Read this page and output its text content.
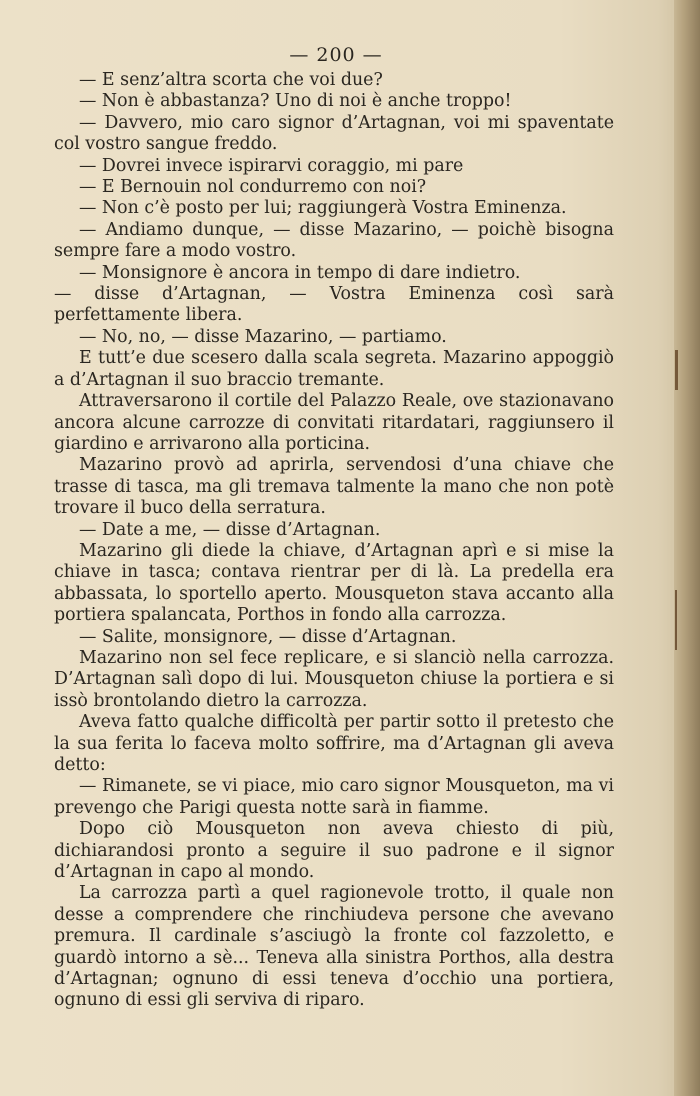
— 200 —

— E senz’altra scorta che voi due?

— Non è abbastanza? Uno di noi è anche troppo!

— Davvero, mio caro signor d’Artagnan, voi mi spaventate col vostro sangue freddo.

— Dovrei invece ispirarvi coraggio, mi pare

— E Bernouin nol condurremo con noi?

— Non c’è posto per lui; raggiungerà Vostra Eminenza.

— Andiamo dunque, — disse Mazarino, — poichè bisogna sempre fare a modo vostro.

— Monsignore è ancora in tempo di dare indietro.

— disse d’Artagnan, — Vostra Eminenza così sarà perfettamente libera.

— No, no, — disse Mazarino, — partiamo.

E tutt’e due scesero dalla scala segreta. Mazarino appoggiò a d’Artagnan il suo braccio tremante.

Attraversarono il cortile del Palazzo Reale, ove stazionavano ancora alcune carrozze di convitati ritardatari, raggiunsero il giardino e arrivarono alla porticina.

Mazarino provò ad aprirla, servendosi d’una chiave che trasse di tasca, ma gli tremava talmente la mano che non potè trovare il buco della serratura.

— Date a me, — disse d’Artagnan.

Mazarino gli diede la chiave, d’Artagnan aprì e si mise la chiave in tasca; contava rientrar per di là. La predella era abbassata, lo sportello aperto. Mousqueton stava accanto alla portiera spalancata, Porthos in fondo alla carrozza.

— Salite, monsignore, — disse d’Artagnan.

Mazarino non sel fece replicare, e si slanciò nella carrozza. D’Artagnan salì dopo di lui. Mousqueton chiuse la portiera e si issò brontolando dietro la carrozza.

Aveva fatto qualche difficoltà per partir sotto il pretesto che la sua ferita lo faceva molto soffrire, ma d’Artagnan gli aveva detto:

— Rimanete, se vi piace, mio caro signor Mousqueton, ma vi prevengo che Parigi questa notte sarà in fiamme.

Dopo ciò Mousqueton non aveva chiesto di più, dichiarandosi pronto a seguire il suo padrone e il signor d’Artagnan in capo al mondo.

La carrozza partì a quel ragionevole trotto, il quale non desse a comprendere che rinchiudeva persone che avevano premura. Il cardinale s’asciugò la fronte col fazzoletto, e guardò intorno a sè... Teneva alla sinistra Porthos, alla destra d’Artagnan; ognuno di essi teneva d’occhio una portiera, ognuno di essi gli serviva di riparo.
